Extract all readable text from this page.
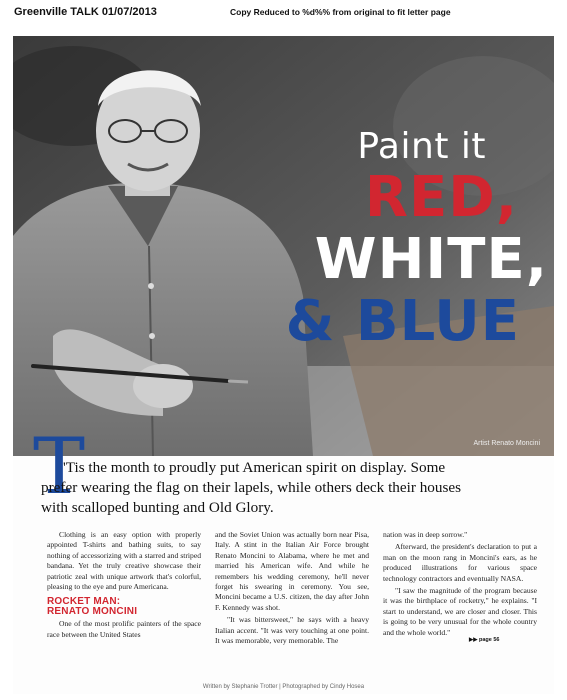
Greenville TALK 01/07/2013	Copy Reduced to %d%% from original to fit letter page
Paint it
RED,
WHITE,
& BLUE
Artist Renato Moncini
T
'Tis the month to proudly put American spirit on display. Some
prefer wearing the flag on their lapels, while others deck their houses
with scalloped bunting and Old Glory.

Clothing is an easy option with properly appointed T-shirts and bathing suits, to say nothing of accessorizing with a starred and striped bandana. Yet the truly creative showcase their patriotic zeal with unique artwork that's colorful, pleasing to the eye and pure Americana.

ROCKET MAN:
RENATO MONCINI

One of the most prolific painters of the space race between the United States

and the Soviet Union was actually born near Pisa, Italy. A stint in the Italian Air Force brought Renato Moncini to Alabama, where he met and married his American wife. And while he remembers his wedding ceremony, he'll never forget his swearing in ceremony. You see, Moncini became a U.S. citizen, the day after John F. Kennedy was shot.

"It was bittersweet," he says with a heavy Italian accent. "It was very touching at one point. It was memorable, very memorable. The

nation was in deep sorrow."

Afterward, the president's declaration to put a man on the moon rang in Moncini's ears, as he produced illustrations for various space technology contractors and eventually NASA.

"I saw the magnitude of the program because it was the birthplace of rocketry," he explains. "I start to understand, we are closer and closer. This is going to be very unusual for the whole country and the whole world."

▶▶ page 56
Written by Stephanie Trotter | Photographed by Cindy Hosea
